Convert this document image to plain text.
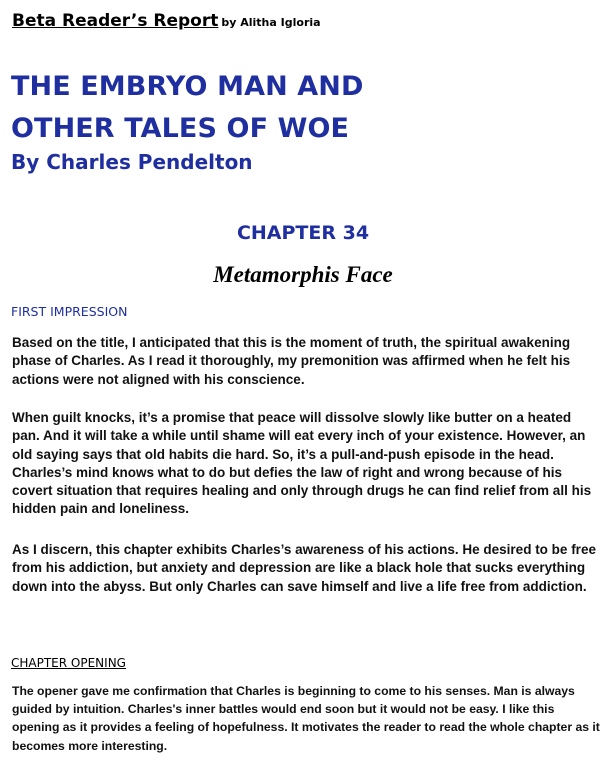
Beta Reader’s Report by Alitha Igloria
THE EMBRYO MAN AND
OTHER TALES OF WOE
By Charles Pendelton
CHAPTER 34
Metamorphis Face
FIRST IMPRESSION

Based on the title, I anticipated that this is the moment of truth, the spiritual awakening phase of Charles. As I read it thoroughly, my premonition was affirmed when he felt his actions were not aligned with his conscience.

When guilt knocks, it’s a promise that peace will dissolve slowly like butter on a heated pan. And it will take a while until shame will eat every inch of your existence. However, an old saying says that old habits die hard. So, it’s a pull-and-push episode in the head. Charles’s mind knows what to do but defies the law of right and wrong because of his covert situation that requires healing and only through drugs he can find relief from all his hidden pain and loneliness.

As I discern, this chapter exhibits Charles’s awareness of his actions. He desired to be free from his addiction, but anxiety and depression are like a black hole that sucks everything down into the abyss. But only Charles can save himself and live a life free from addiction.

CHAPTER OPENING

The opener gave me confirmation that Charles is beginning to come to his senses. Man is always guided by intuition. Charles's inner battles would end soon but it would not be easy. I like this opening as it provides a feeling of hopefulness. It motivates the reader to read the whole chapter as it becomes more interesting.
